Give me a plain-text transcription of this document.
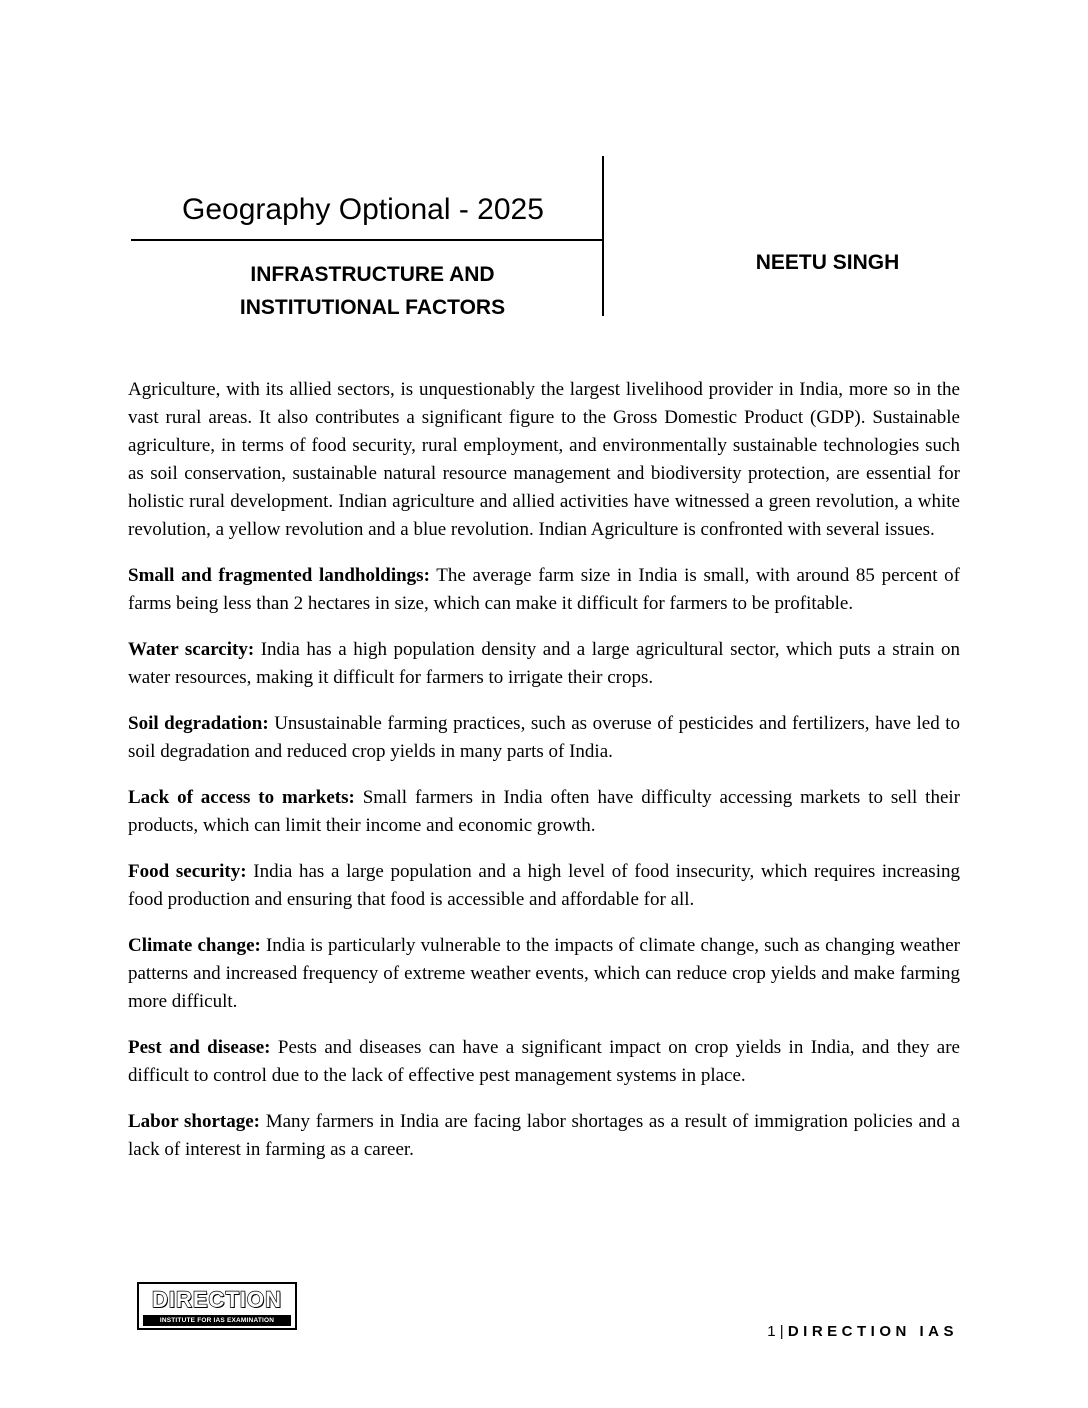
Geography Optional - 2025
INFRASTRUCTURE AND
INSTITUTIONAL FACTORS
NEETU SINGH

Agriculture, with its allied sectors, is unquestionably the largest livelihood provider in India, more so in the vast rural areas. It also contributes a significant figure to the Gross Domestic Product (GDP). Sustainable agriculture, in terms of food security, rural employment, and environmentally sustainable technologies such as soil conservation, sustainable natural resource management and biodiversity protection, are essential for holistic rural development. Indian agriculture and allied activities have witnessed a green revolution, a white revolution, a yellow revolution and a blue revolution. Indian Agriculture is confronted with several issues.

Small and fragmented landholdings: The average farm size in India is small, with around 85 percent of farms being less than 2 hectares in size, which can make it difficult for farmers to be profitable.

Water scarcity: India has a high population density and a large agricultural sector, which puts a strain on water resources, making it difficult for farmers to irrigate their crops.

Soil degradation: Unsustainable farming practices, such as overuse of pesticides and fertilizers, have led to soil degradation and reduced crop yields in many parts of India.

Lack of access to markets: Small farmers in India often have difficulty accessing markets to sell their products, which can limit their income and economic growth.

Food security: India has a large population and a high level of food insecurity, which requires increasing food production and ensuring that food is accessible and affordable for all.

Climate change: India is particularly vulnerable to the impacts of climate change, such as changing weather patterns and increased frequency of extreme weather events, which can reduce crop yields and make farming more difficult.

Pest and disease: Pests and diseases can have a significant impact on crop yields in India, and they are difficult to control due to the lack of effective pest management systems in place.

Labor shortage: Many farmers in India are facing labor shortages as a result of immigration policies and a lack of interest in farming as a career.

DIRECTION
INSTITUTE FOR IAS EXAMINATION
1 | DIRECTION IAS
